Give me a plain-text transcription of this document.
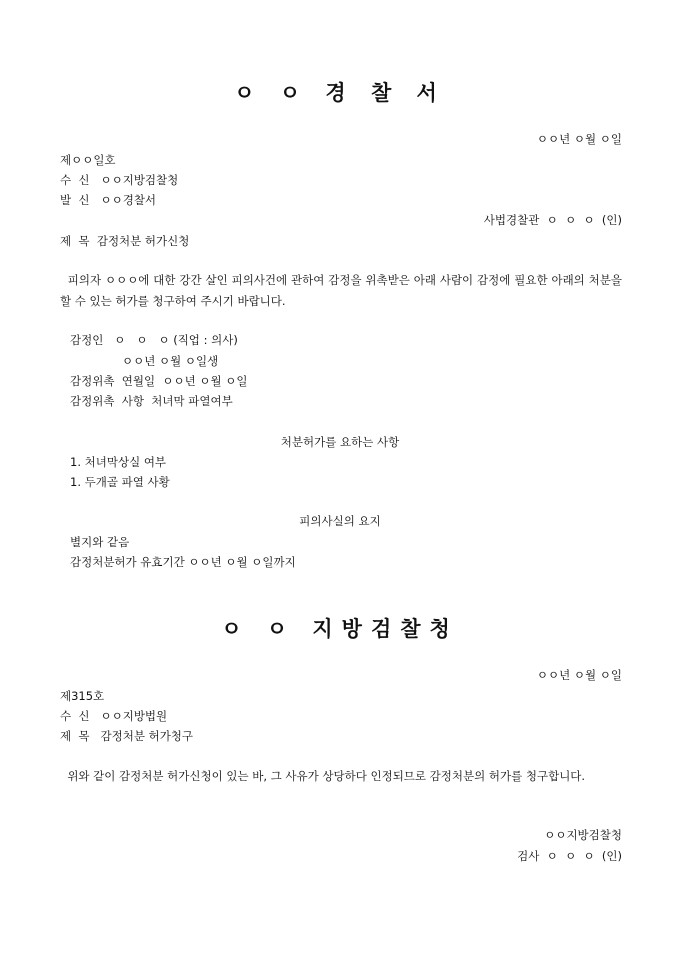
ㅇ ㅇ 경 찰 서
ㅇㅇ년 ㅇ월 ㅇ일
제ㅇㅇ일호
수  신   ㅇㅇ지방검찰청
발  신   ㅇㅇ경찰서
사법경찰관  ㅇ  ㅇ  ㅇ  (인)
제  목  감정처분 허가신청
피의자 ㅇㅇㅇ에 대한 강간 살인 피의사건에 관하여 감정을 위촉받은 아래 사람이 감정에 필요한 아래의 처분을 할 수 있는 허가를 청구하여 주시기 바랍니다.
감정인   ㅇ   ㅇ   ㅇ (직업 : 의사)
ㅇㅇ년 ㅇ월 ㅇ일생
감정위촉  연월일  ㅇㅇ년 ㅇ월 ㅇ일
감정위촉  사항  처녀막 파열여부
처분허가를 요하는 사항
1. 처녀막상실 여부
1. 두개골 파열 사황
피의사실의 요지
별지와 같음
감정처분허가 유효기간 ㅇㅇ년 ㅇ월 ㅇ일까지
ㅇ ㅇ 지방검찰청
ㅇㅇ년 ㅇ월 ㅇ일
제315호
수  신   ㅇㅇ지방법원
제  목   감정처분 허가청구
위와 같이 감정처분 허가신청이 있는 바, 그 사유가 상당하다 인정되므로 감정처분의 허가를 청구합니다.
ㅇㅇ지방검찰청
검사  ㅇ  ㅇ  ㅇ  (인)
